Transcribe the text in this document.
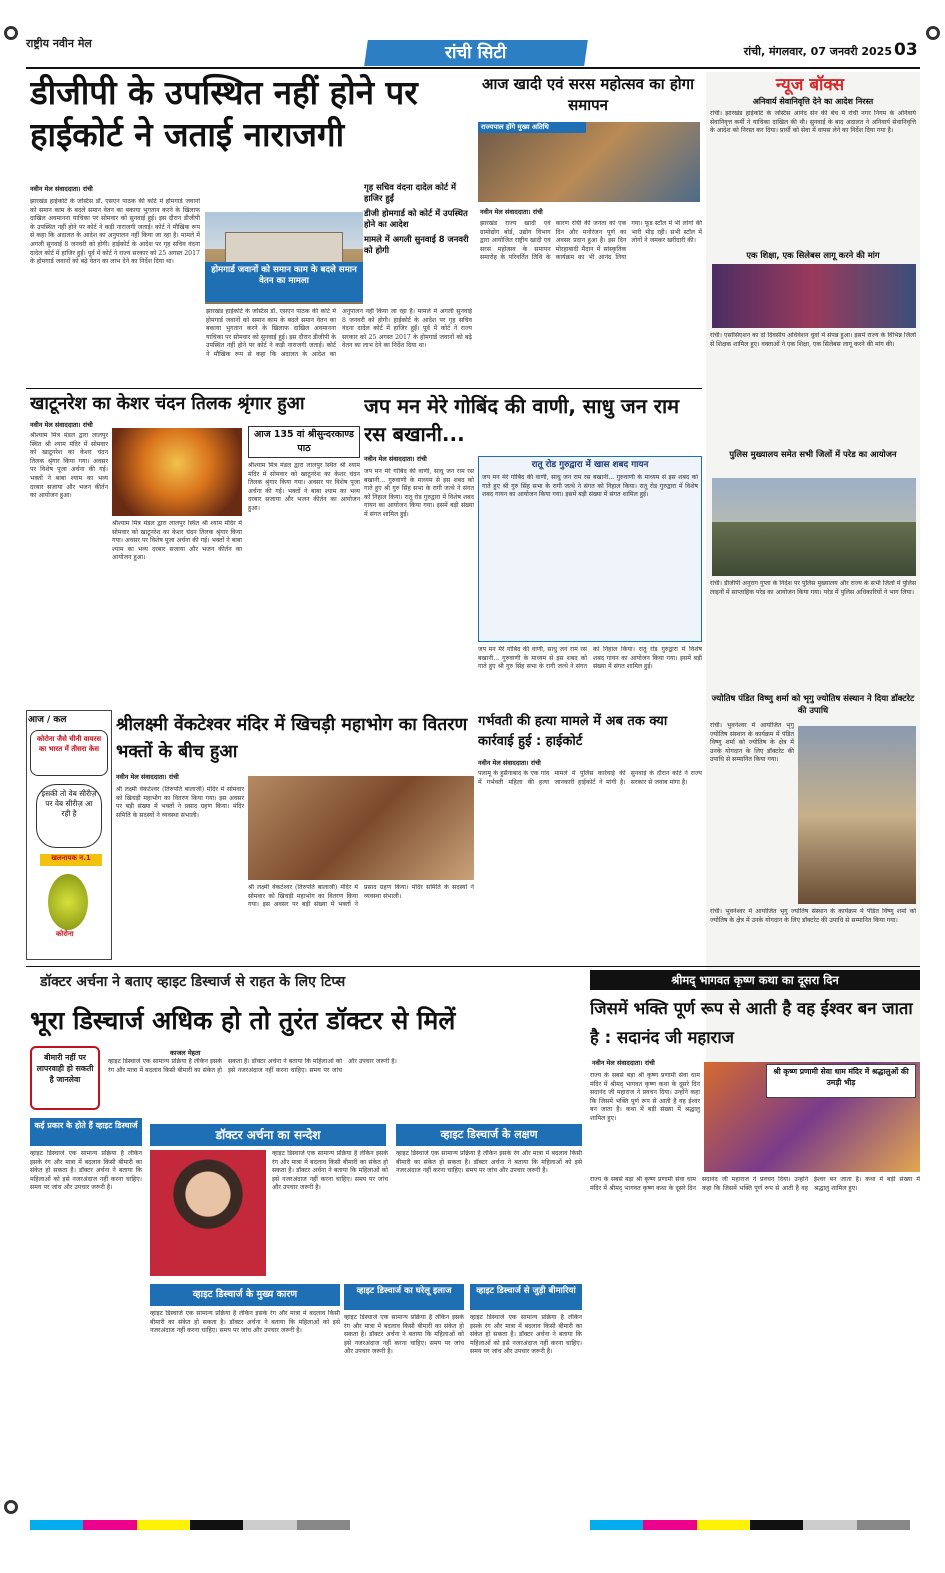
राष्ट्रीय नवीन मेल	रांची सिटी	रांची, मंगलवार, 07 जनवरी 2025 03
डीजीपी के उपस्थित नहीं होने पर हाईकोर्ट ने जताई नाराजगी
होमगार्ड जवानों को समान काम के बदले समान वेतन का मामला
गृह सचिव वंदना दादेल कोर्ट में हाजिर हुईं
डीजी होमगार्ड को कोर्ट में उपस्थित होने का आदेश
मामले में अगली सुनवाई 8 जनवरी को होगी
नवीन मेल संवाददाता। रांची
झारखंड हाईकोर्ट के जस्टिस डॉ. एसएन पाठक की कोर्ट में होमगार्ड जवानों को समान काम के बदले समान वेतन का बकाया भुगतान करने के खिलाफ दाखिल अवमानना याचिका पर सोमवार को सुनवाई हुई। इस दौरान डीजीपी के उपस्थित नहीं होने पर कोर्ट ने कड़ी नाराजगी जताई। कोर्ट ने मौखिक रूप से कहा कि अदालत के आदेश का अनुपालन नहीं किया जा रहा है। मामले में अगली सुनवाई 8 जनवरी को होगी। हाईकोर्ट के आदेश पर गृह सचिव वंदना दादेल कोर्ट में हाजिर हुईं। पूर्व में कोर्ट ने राज्य सरकार को 25 अगस्त 2017 के होमगार्ड जवानों को बढ़े वेतन का लाभ देने का निर्देश दिया था।
झारखंड हाईकोर्ट के जस्टिस डॉ. एसएन पाठक की कोर्ट में होमगार्ड जवानों को समान काम के बदले समान वेतन का बकाया भुगतान करने के खिलाफ दाखिल अवमानना याचिका पर सोमवार को सुनवाई हुई। इस दौरान डीजीपी के उपस्थित नहीं होने पर कोर्ट ने कड़ी नाराजगी जताई। कोर्ट ने मौखिक रूप से कहा कि अदालत के आदेश का अनुपालन नहीं किया जा रहा है। मामले में अगली सुनवाई 8 जनवरी को होगी। हाईकोर्ट के आदेश पर गृह सचिव वंदना दादेल कोर्ट में हाजिर हुईं। पूर्व में कोर्ट ने राज्य सरकार को 25 अगस्त 2017 के होमगार्ड जवानों को बढ़े वेतन का लाभ देने का निर्देश दिया था।
आज खादी एवं सरस महोत्सव का होगा समापन
राज्यपाल होंगे मुख्य अतिथि
नवीन मेल संवाददाता। रांची
झारखंड राज्य खादी एवं ग्रामोद्योग बोर्ड, उद्योग विभाग द्वारा आयोजित राष्ट्रीय खादी एवं सरस महोत्सव के समापन समारोह के परिवर्तित तिथि के कारण रांची की जनता को एक दिन और मनोरंजन पूर्ण का अवसर प्रदान हुआ है। इस दिन मोरहाबादी मैदान में सांस्कृतिक कार्यक्रम का भी आनंद लिया गया। फूड स्टॉल में भी लोगों की भारी भीड़ रही। सभी स्टॉल में लोगों ने जमकर खरीदारी की।
न्यूज बॉक्स
अनिवार्य सेवानिवृत्ति देने का आदेश निरस्त
रांची। झारखंड हाईकोर्ट के जस्टिस आनंद सेन की बेंच में रांची नगर निगम के अनिवार्य सेवानिवृत्त कर्मी ने याचिका दाखिल की थी। सुनवाई के बाद अदालत ने अनिवार्य सेवानिवृत्ति के आदेश को निरस्त कर दिया। प्रार्थी को सेवा में वापस लेने का निर्देश दिया गया है।
एक शिक्षा, एक सिलेबस लागू करने की मांग
रांची। एसोसिएशन का दो दिवसीय अधिवेशन धुर्वा में संपन्न हुआ। इसमें राज्य के विभिन्न जिलों से शिक्षक शामिल हुए। वक्ताओं ने एक शिक्षा, एक सिलेबस लागू करने की मांग की।
पुलिस मुख्यालय समेत सभी जिलों में परेड का आयोजन
रांची। डीजीपी अनुराग गुप्ता के निर्देश पर पुलिस मुख्यालय और राज्य के सभी जिलों में पुलिस लाइनों में साप्ताहिक परेड का आयोजन किया गया। परेड में पुलिस अधिकारियों ने भाग लिया।
ज्योतिष पंडित विष्णु शर्मा को भृगु ज्योतिष संस्थान ने दिया डॉक्टरेट की उपाधि
रांची। भुवनेश्वर में आयोजित भृगु ज्योतिष संस्थान के कार्यक्रम में पंडित विष्णु शर्मा को ज्योतिष के क्षेत्र में उनके योगदान के लिए डॉक्टरेट की उपाधि से सम्मानित किया गया।
रांची। भुवनेश्वर में आयोजित भृगु ज्योतिष संस्थान के कार्यक्रम में पंडित विष्णु शर्मा को ज्योतिष के क्षेत्र में उनके योगदान के लिए डॉक्टरेट की उपाधि से सम्मानित किया गया।
खाटूनरेश का केशर चंदन तिलक श्रृंगार हुआ
नवीन मेल संवाददाता। रांची
आज 135 वां श्रीसुन्दरकाण्ड पाठ
श्रीश्याम मित्र मंडल द्वारा लालपुर स्थित श्री श्याम मंदिर में सोमवार को खाटूनरेश का केशर चंदन तिलक श्रृंगार किया गया। अवसर पर विशेष पूजा अर्चना की गई। भक्तों ने बाबा श्याम का भव्य दरबार सजाया और भजन कीर्तन का आयोजन हुआ।
श्रीश्याम मित्र मंडल द्वारा लालपुर स्थित श्री श्याम मंदिर में सोमवार को खाटूनरेश का केशर चंदन तिलक श्रृंगार किया गया। अवसर पर विशेष पूजा अर्चना की गई। भक्तों ने बाबा श्याम का भव्य दरबार सजाया और भजन कीर्तन का आयोजन हुआ।
श्रीश्याम मित्र मंडल द्वारा लालपुर स्थित श्री श्याम मंदिर में सोमवार को खाटूनरेश का केशर चंदन तिलक श्रृंगार किया गया। अवसर पर विशेष पूजा अर्चना की गई। भक्तों ने बाबा श्याम का भव्य दरबार सजाया और भजन कीर्तन का आयोजन हुआ।
जप मन मेरे गोबिंद की वाणी, साधु जन राम रस बखानी...
नवीन मेल संवाददाता। रांची
जप मन मेरे गोबिंद की वाणी, साधु जन राम रस बखानी... गुरुवाणी के माध्यम से इस शबद को गाते हुए श्री गुरु सिंह सभा के रागी जत्थे ने संगत को निहाल किया। रातू रोड गुरुद्वारा में विशेष शबद गायन का आयोजन किया गया। इसमें बड़ी संख्या में संगत शामिल हुई।
रातू रोड गुरुद्वारा में खास शबद गायन
जप मन मेरे गोबिंद की वाणी, साधु जन राम रस बखानी... गुरुवाणी के माध्यम से इस शबद को गाते हुए श्री गुरु सिंह सभा के रागी जत्थे ने संगत को निहाल किया। रातू रोड गुरुद्वारा में विशेष शबद गायन का आयोजन किया गया। इसमें बड़ी संख्या में संगत शामिल हुई।
जप मन मेरे गोबिंद की वाणी, साधु जन राम रस बखानी... गुरुवाणी के माध्यम से इस शबद को गाते हुए श्री गुरु सिंह सभा के रागी जत्थे ने संगत को निहाल किया। रातू रोड गुरुद्वारा में विशेष शबद गायन का आयोजन किया गया। इसमें बड़ी संख्या में संगत शामिल हुई।
आज / कल
कोरोना जैसे चीनी वायरस का भारत में तीसरा केस
इसकी तो वेब सीरीज़ पर वेब सीरीज़ आ रही है
खलनायक न.1
कोरोना
श्रीलक्ष्मी वेंकटेश्वर मंदिर में खिचड़ी महाभोग का वितरण भक्तों के बीच हुआ
नवीन मेल संवाददाता। रांची
श्री लक्ष्मी वेंकटेश्वर (तिरुपति बालाजी) मंदिर में सोमवार को खिचड़ी महाभोग का वितरण किया गया। इस अवसर पर बड़ी संख्या में भक्तों ने प्रसाद ग्रहण किया। मंदिर समिति के सदस्यों ने व्यवस्था संभाली।
श्री लक्ष्मी वेंकटेश्वर (तिरुपति बालाजी) मंदिर में सोमवार को खिचड़ी महाभोग का वितरण किया गया। इस अवसर पर बड़ी संख्या में भक्तों ने प्रसाद ग्रहण किया। मंदिर समिति के सदस्यों ने व्यवस्था संभाली।
गर्भवती की हत्या मामले में अब तक क्या कार्रवाई हुई : हाईकोर्ट
नवीन मेल संवाददाता। रांची
पलामू के हुसैनाबाद के एक गांव में गर्भवती महिला की हत्या मामले में पुलिस कार्रवाई की जानकारी हाईकोर्ट ने मांगी है। सुनवाई के दौरान कोर्ट ने राज्य सरकार से जवाब मांगा है।
डॉक्टर अर्चना ने बताए व्हाइट डिस्चार्ज से राहत के लिए टिप्स
भूरा डिस्चार्ज अधिक हो तो तुरंत डॉक्टर से मिलें
बीमारी नहीं पर लापरवाही हो सकती है जानलेवा
काजल मेहता
व्हाइट डिस्चार्ज एक सामान्य प्रक्रिया है लेकिन इसके रंग और मात्रा में बदलाव किसी बीमारी का संकेत हो सकता है। डॉक्टर अर्चना ने बताया कि महिलाओं को इसे नजरअंदाज नहीं करना चाहिए। समय पर जांच और उपचार जरूरी है।
कई प्रकार के होते हैं व्हाइट डिस्चार्ज
व्हाइट डिस्चार्ज एक सामान्य प्रक्रिया है लेकिन इसके रंग और मात्रा में बदलाव किसी बीमारी का संकेत हो सकता है। डॉक्टर अर्चना ने बताया कि महिलाओं को इसे नजरअंदाज नहीं करना चाहिए। समय पर जांच और उपचार जरूरी है।
डॉक्टर अर्चना का सन्देश
व्हाइट डिस्चार्ज एक सामान्य प्रक्रिया है लेकिन इसके रंग और मात्रा में बदलाव किसी बीमारी का संकेत हो सकता है। डॉक्टर अर्चना ने बताया कि महिलाओं को इसे नजरअंदाज नहीं करना चाहिए। समय पर जांच और उपचार जरूरी है।
व्हाइट डिस्चार्ज के लक्षण
व्हाइट डिस्चार्ज एक सामान्य प्रक्रिया है लेकिन इसके रंग और मात्रा में बदलाव किसी बीमारी का संकेत हो सकता है। डॉक्टर अर्चना ने बताया कि महिलाओं को इसे नजरअंदाज नहीं करना चाहिए। समय पर जांच और उपचार जरूरी है।
व्हाइट डिस्चार्ज के मुख्य कारण
व्हाइट डिस्चार्ज एक सामान्य प्रक्रिया है लेकिन इसके रंग और मात्रा में बदलाव किसी बीमारी का संकेत हो सकता है। डॉक्टर अर्चना ने बताया कि महिलाओं को इसे नजरअंदाज नहीं करना चाहिए। समय पर जांच और उपचार जरूरी है।
व्हाइट डिस्चार्ज का घरेलू इलाज
व्हाइट डिस्चार्ज एक सामान्य प्रक्रिया है लेकिन इसके रंग और मात्रा में बदलाव किसी बीमारी का संकेत हो सकता है। डॉक्टर अर्चना ने बताया कि महिलाओं को इसे नजरअंदाज नहीं करना चाहिए। समय पर जांच और उपचार जरूरी है।
व्हाइट डिस्चार्ज से जुड़ी बीमारियां
व्हाइट डिस्चार्ज एक सामान्य प्रक्रिया है लेकिन इसके रंग और मात्रा में बदलाव किसी बीमारी का संकेत हो सकता है। डॉक्टर अर्चना ने बताया कि महिलाओं को इसे नजरअंदाज नहीं करना चाहिए। समय पर जांच और उपचार जरूरी है।
श्रीमद् भागवत कृष्ण कथा का दूसरा दिन
जिसमें भक्ति पूर्ण रूप से आती है वह ईश्वर बन जाता है : सदानंद जी महाराज
नवीन मेल संवाददाता। रांची
राज्य के सबसे बड़ा श्री कृष्ण प्रणामी सेवा धाम मंदिर में श्रीमद् भागवत कृष्ण कथा के दूसरे दिन सदानंद जी महाराज ने प्रवचन दिया। उन्होंने कहा कि जिसमें भक्ति पूर्ण रूप से आती है वह ईश्वर बन जाता है। कथा में बड़ी संख्या में श्रद्धालु शामिल हुए।
श्री कृष्ण प्रणामी सेवा धाम मंदिर में श्रद्धालुओं की उमड़ी भीड़
राज्य के सबसे बड़ा श्री कृष्ण प्रणामी सेवा धाम मंदिर में श्रीमद् भागवत कृष्ण कथा के दूसरे दिन सदानंद जी महाराज ने प्रवचन दिया। उन्होंने कहा कि जिसमें भक्ति पूर्ण रूप से आती है वह ईश्वर बन जाता है। कथा में बड़ी संख्या में श्रद्धालु शामिल हुए।
